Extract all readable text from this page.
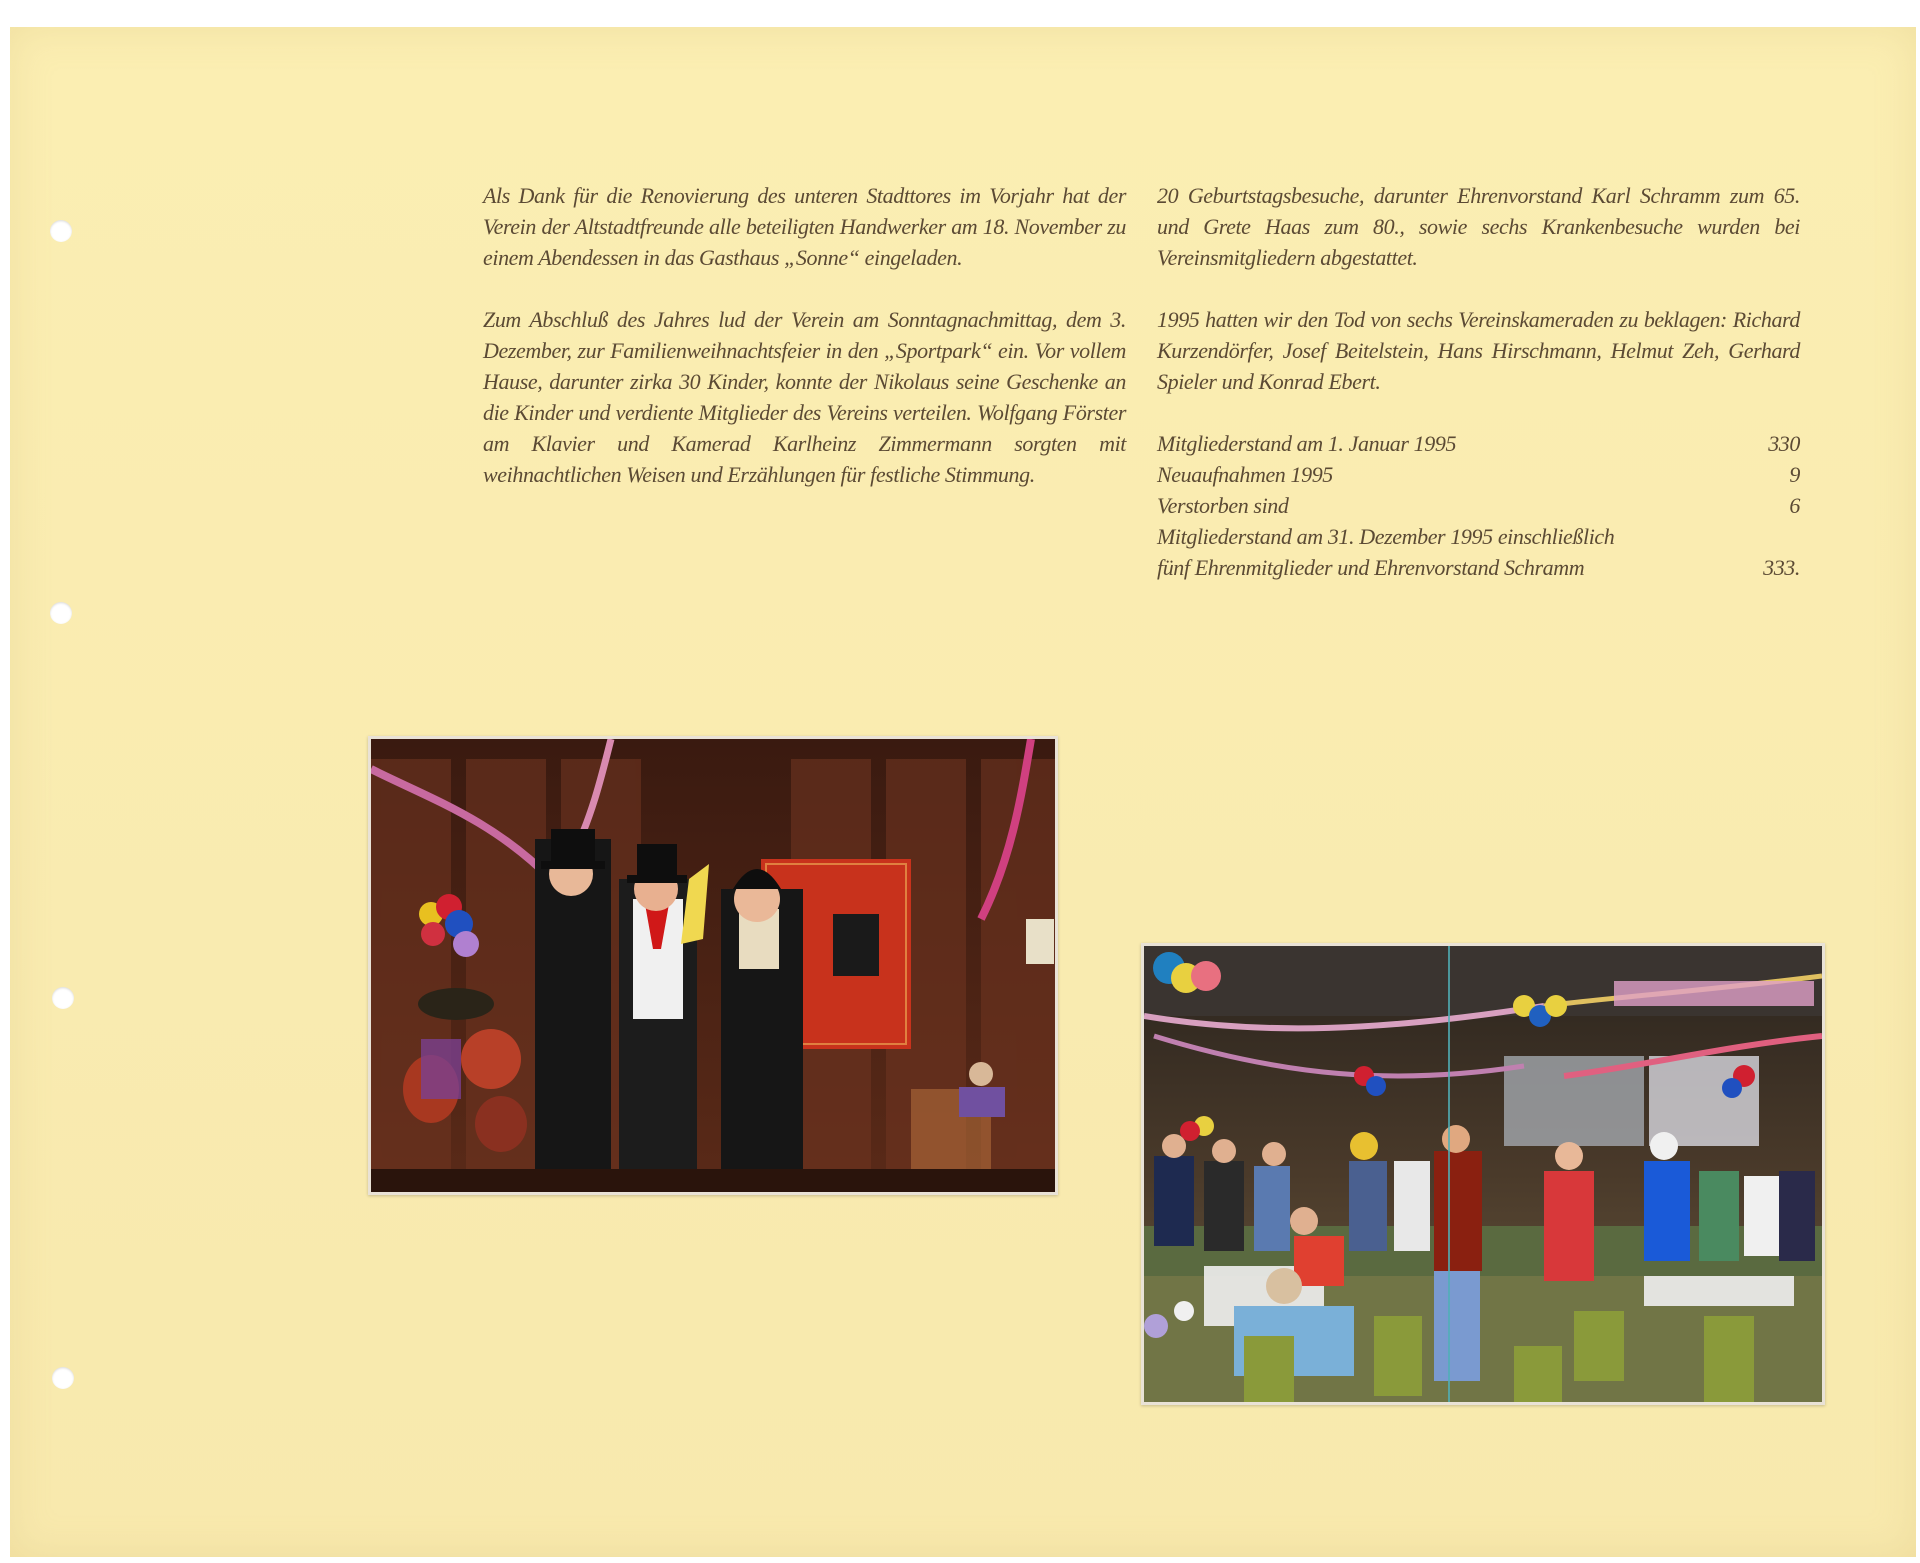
Als Dank für die Renovierung des unteren Stadttores im Vorjahr hat der Verein der Altstadtfreunde alle beteiligten Handwerker am 18. November zu einem Abendessen in das Gasthaus „Sonne“ eingeladen.

Zum Abschluß des Jahres lud der Verein am Sonntagnachmittag, dem 3. Dezember, zur Familienweihnachtsfeier in den „Sportpark“ ein. Vor vollem Hause, darunter zirka 30 Kinder, konnte der Nikolaus seine Geschenke an die Kinder und verdiente Mitglieder des Vereins verteilen. Wolfgang Förster am Klavier und Kamerad Karlheinz Zimmermann sorgten mit weihnachtlichen Weisen und Erzählungen für festliche Stimmung.

20 Geburtstagsbesuche, darunter Ehrenvorstand Karl Schramm zum 65. und Grete Haas zum 80., sowie sechs Krankenbesuche wurden bei Vereinsmitgliedern abgestattet.

1995 hatten wir den Tod von sechs Vereinskameraden zu beklagen: Richard Kurzendörfer, Josef Beitelstein, Hans Hirschmann, Helmut Zeh, Gerhard Spieler und Konrad Ebert.

Mitgliederstand am 1. Januar 1995	330
Neuaufnahmen 1995	9
Verstorben sind	6
Mitgliederstand am 31. Dezember 1995 einschließlich
fünf Ehrenmitglieder und Ehrenvorstand Schramm	333.
